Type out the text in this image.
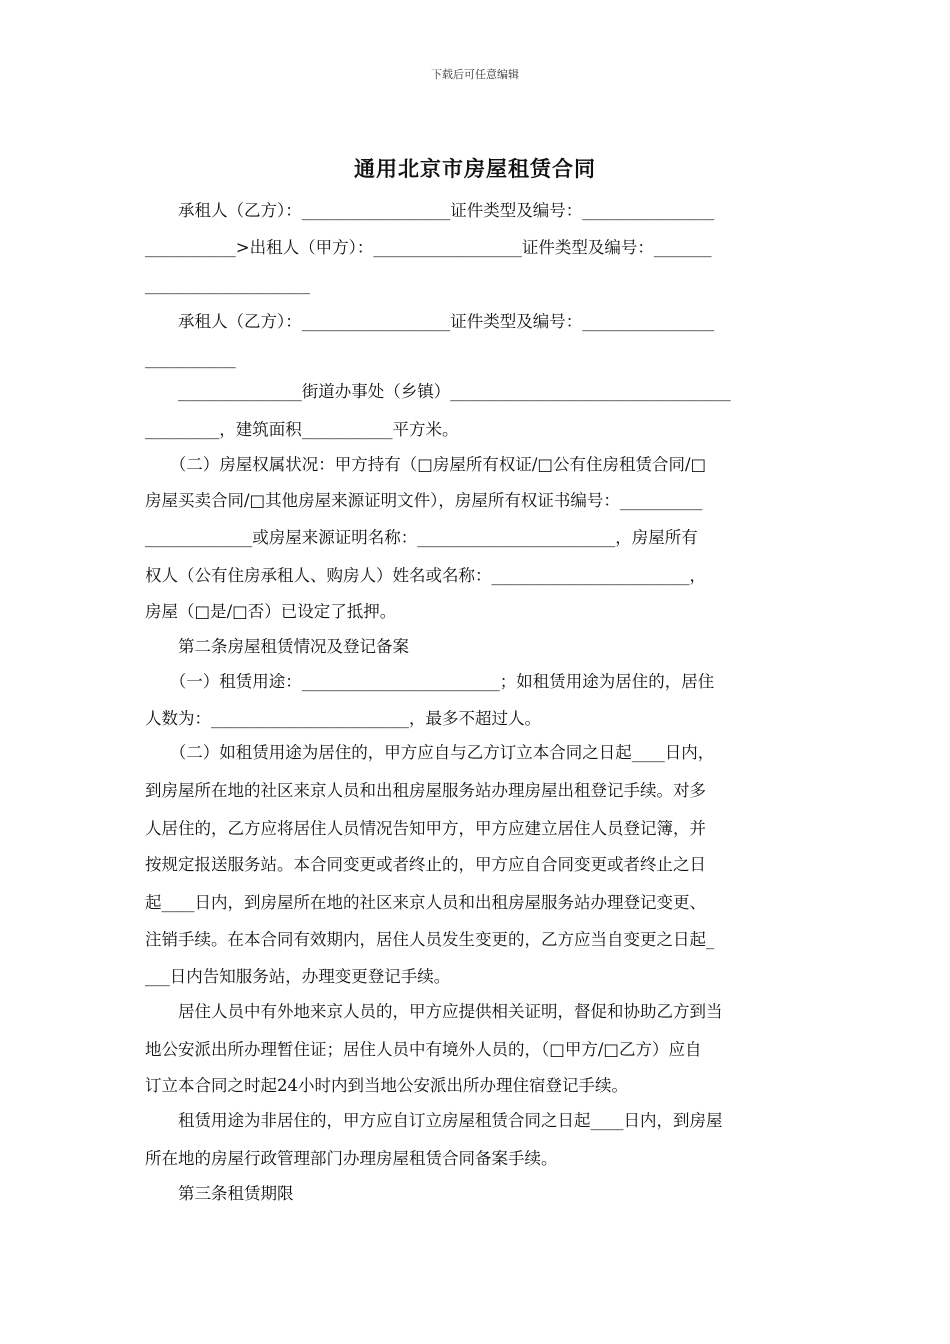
下载后可任意编辑
通用北京市房屋租赁合同
　　承租人（乙方）：__________________证件类型及编号：________________
___________>出租人（甲方）：__________________证件类型及编号：_______
____________________
　　承租人（乙方）：__________________证件类型及编号：________________
___________
　　_______________街道办事处（乡镇）__________________________________
_________，建筑面积___________平方米。
　　（二）房屋权属状况：甲方持有（□房屋所有权证/□公有住房租赁合同/□
房屋买卖合同/□其他房屋来源证明文件），房屋所有权证书编号：__________
_____________或房屋来源证明名称：________________________，房屋所有
权人（公有住房承租人、购房人）姓名或名称：________________________，
房屋（□是/□否）已设定了抵押。
　　第二条房屋租赁情况及登记备案
　　（一）租赁用途：________________________；如租赁用途为居住的，居住
人数为：________________________，最多不超过人。
　　（二）如租赁用途为居住的，甲方应自与乙方订立本合同之日起____日内，
到房屋所在地的社区来京人员和出租房屋服务站办理房屋出租登记手续。对多
人居住的，乙方应将居住人员情况告知甲方，甲方应建立居住人员登记簿，并
按规定报送服务站。本合同变更或者终止的，甲方应自合同变更或者终止之日
起____日内，到房屋所在地的社区来京人员和出租房屋服务站办理登记变更、
注销手续。在本合同有效期内，居住人员发生变更的，乙方应当自变更之日起_
___日内告知服务站，办理变更登记手续。
　　居住人员中有外地来京人员的，甲方应提供相关证明，督促和协助乙方到当
地公安派出所办理暂住证；居住人员中有境外人员的，（□甲方/□乙方）应自
订立本合同之时起24小时内到当地公安派出所办理住宿登记手续。
　　租赁用途为非居住的，甲方应自订立房屋租赁合同之日起____日内，到房屋
所在地的房屋行政管理部门办理房屋租赁合同备案手续。
　　第三条租赁期限
